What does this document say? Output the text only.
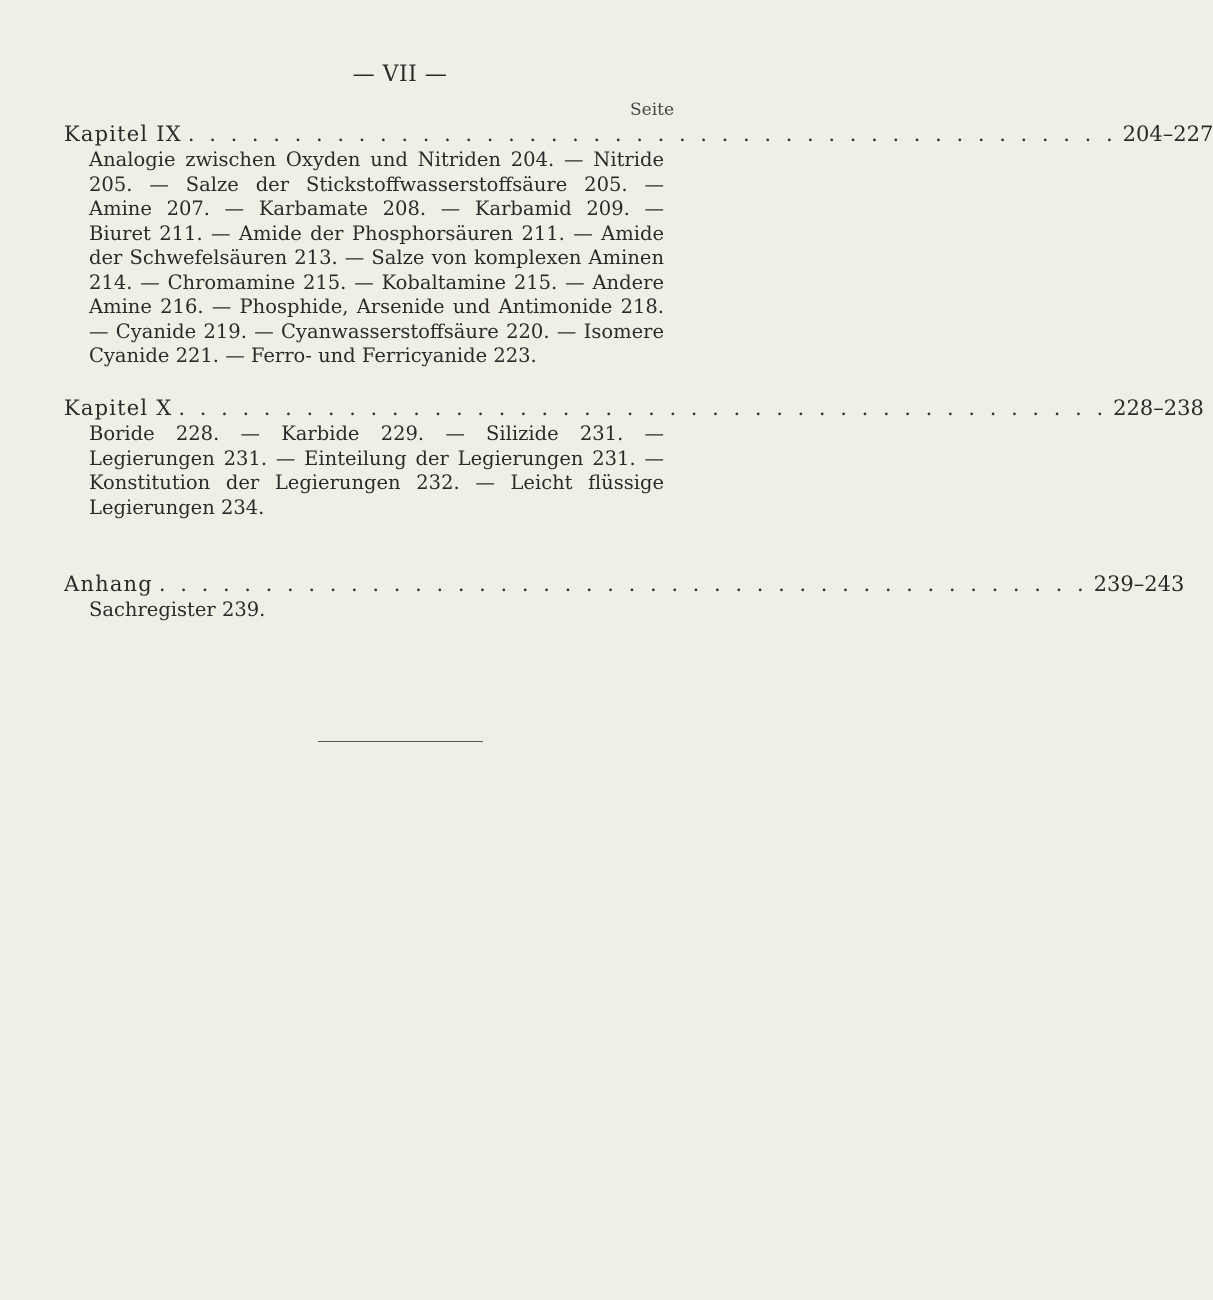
— VII —
Seite
Kapitel IX . . . . . . . . . . . . . . . . . . . . . . . . . . . . . . . . . . . . . . . . . . . . 204–227
Analogie zwischen Oxyden und Nitriden 204. — Nitride 205. — Salze der Stickstoffwasserstoffsäure 205. — Amine 207. — Karbamate 208. — Karbamid 209. — Biuret 211. — Amide der Phosphorsäuren 211. — Amide der Schwefelsäuren 213. — Salze von komplexen Aminen 214. — Chromamine 215. — Kobaltamine 215. — Andere Amine 216. — Phosphide, Arsenide und Antimonide 218. — Cyanide 219. — Cyanwasserstoffsäure 220. — Isomere Cyanide 221. — Ferro- und Ferricyanide 223.
Kapitel X . . . . . . . . . . . . . . . . . . . . . . . . . . . . . . . . . . . . . . . . . . . . 228–238
Boride 228. — Karbide 229. — Silizide 231. — Legierungen 231. — Einteilung der Legierungen 231. — Konstitution der Legierungen 232. — Leicht flüssige Legierungen 234.
Anhang . . . . . . . . . . . . . . . . . . . . . . . . . . . . . . . . . . . . . . . . . . . . 239–243
Sachregister 239.
